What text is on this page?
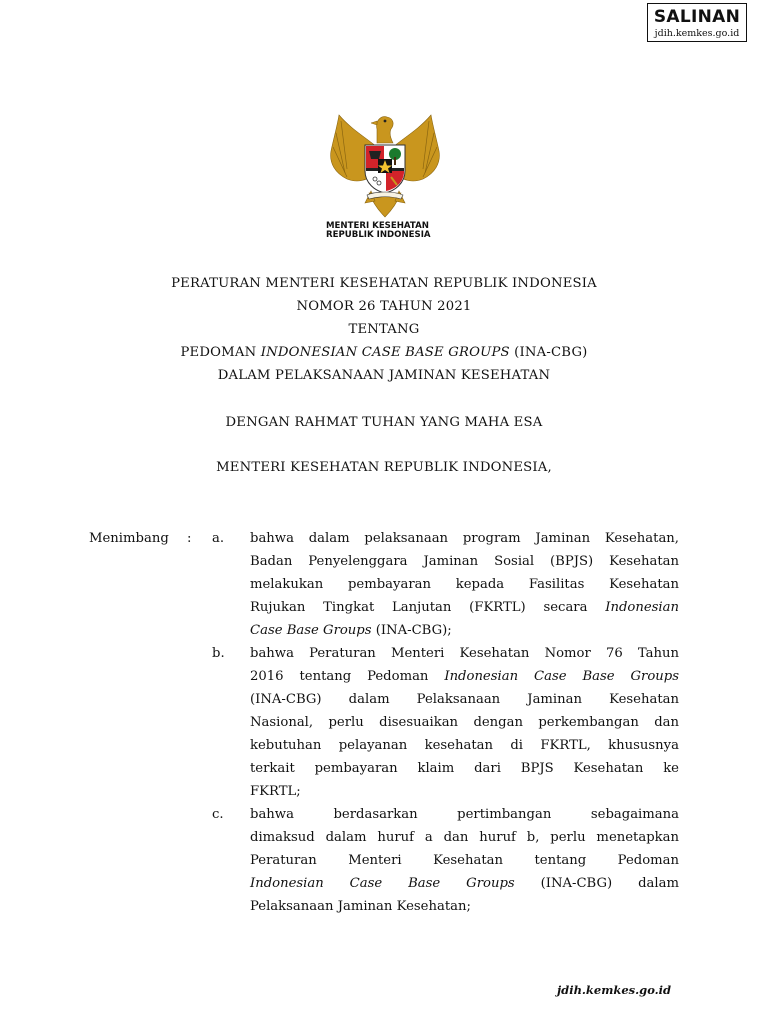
SALINAN
jdih.kemkes.go.id
MENTERI KESEHATAN
REPUBLIK INDONESIA
PERATURAN MENTERI KESEHATAN REPUBLIK INDONESIA
NOMOR 26 TAHUN 2021
TENTANG
PEDOMAN INDONESIAN CASE BASE GROUPS (INA-CBG)
DALAM PELAKSANAAN JAMINAN KESEHATAN
DENGAN RAHMAT TUHAN YANG MAHA ESA
MENTERI KESEHATAN REPUBLIK INDONESIA,
Menimbang : a. bahwa dalam pelaksanaan program Jaminan Kesehatan,
Badan Penyelenggara Jaminan Sosial (BPJS) Kesehatan
melakukan pembayaran kepada Fasilitas Kesehatan
Rujukan Tingkat Lanjutan (FKRTL) secara Indonesian
Case Base Groups (INA-CBG);
b. bahwa Peraturan Menteri Kesehatan Nomor 76 Tahun
2016 tentang Pedoman Indonesian Case Base Groups
(INA-CBG) dalam Pelaksanaan Jaminan Kesehatan
Nasional, perlu disesuaikan dengan perkembangan dan
kebutuhan pelayanan kesehatan di FKRTL, khususnya
terkait pembayaran klaim dari BPJS Kesehatan ke
FKRTL;
c. bahwa berdasarkan pertimbangan sebagaimana
dimaksud dalam huruf a dan huruf b, perlu menetapkan
Peraturan Menteri Kesehatan tentang Pedoman
Indonesian Case Base Groups (INA-CBG) dalam
Pelaksanaan Jaminan Kesehatan;
jdih.kemkes.go.id
